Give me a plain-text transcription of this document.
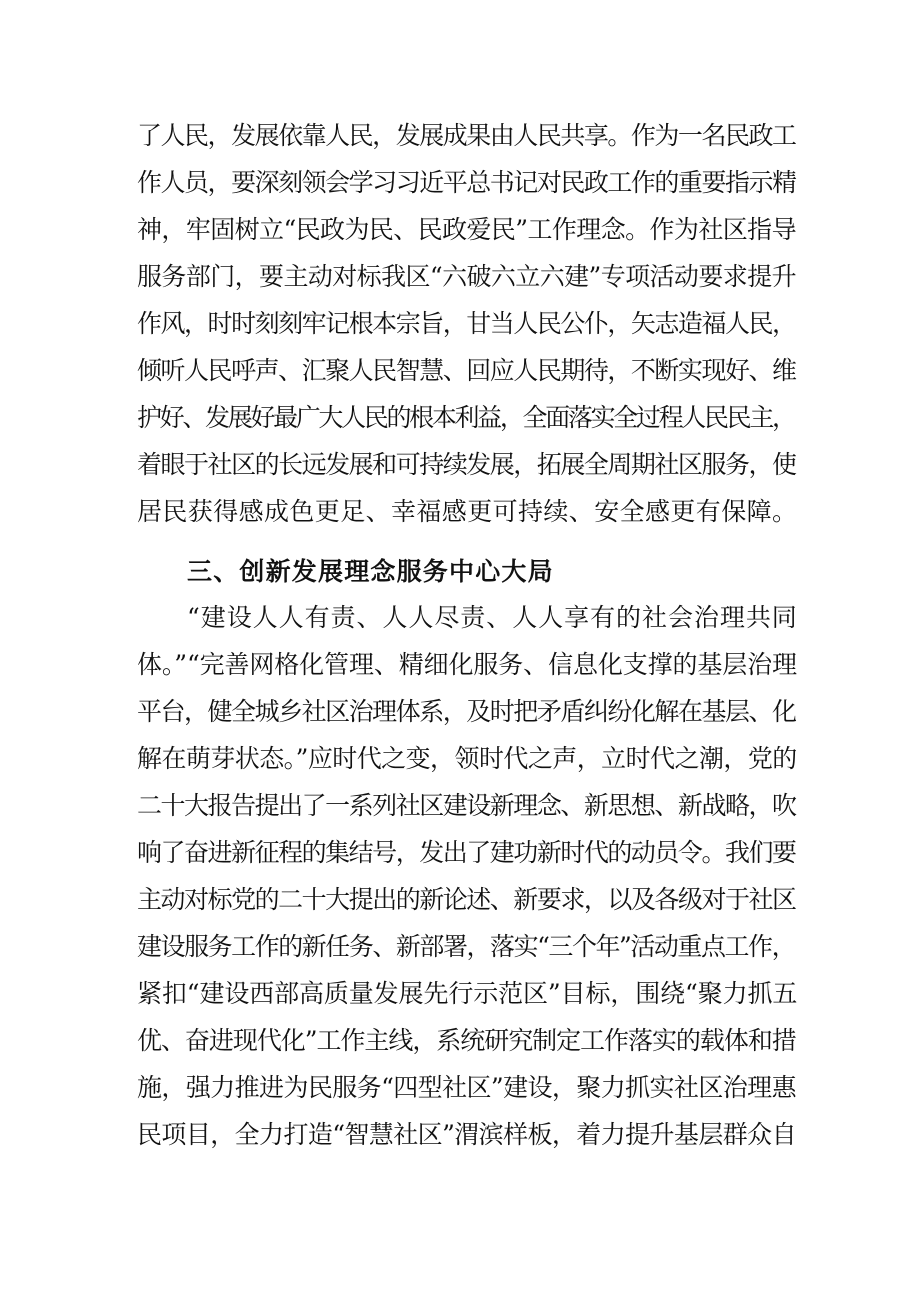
了人民，发展依靠人民，发展成果由人民共享。作为一名民政工
作人员，要深刻领会学习习近平总书记对民政工作的重要指示精
神，牢固树立“民政为民、民政爱民”工作理念。作为社区指导
服务部门，要主动对标我区“六破六立六建”专项活动要求提升
作风，时时刻刻牢记根本宗旨，甘当人民公仆，矢志造福人民，
倾听人民呼声、汇聚人民智慧、回应人民期待，不断实现好、维
护好、发展好最广大人民的根本利益，全面落实全过程人民民主，
着眼于社区的长远发展和可持续发展，拓展全周期社区服务，使
居民获得感成色更足、幸福感更可持续、安全感更有保障。
三、创新发展理念服务中心大局
“建设人人有责、人人尽责、人人享有的社会治理共同
体。”“完善网格化管理、精细化服务、信息化支撑的基层治理
平台，健全城乡社区治理体系，及时把矛盾纠纷化解在基层、化
解在萌芽状态。”应时代之变，领时代之声，立时代之潮，党的
二十大报告提出了一系列社区建设新理念、新思想、新战略，吹
响了奋进新征程的集结号，发出了建功新时代的动员令。我们要
主动对标党的二十大提出的新论述、新要求，以及各级对于社区
建设服务工作的新任务、新部署，落实“三个年”活动重点工作，
紧扣“建设西部高质量发展先行示范区”目标，围绕“聚力抓五
优、奋进现代化”工作主线，系统研究制定工作落实的载体和措
施，强力推进为民服务“四型社区”建设，聚力抓实社区治理惠
民项目，全力打造“智慧社区”渭滨样板，着力提升基层群众自
